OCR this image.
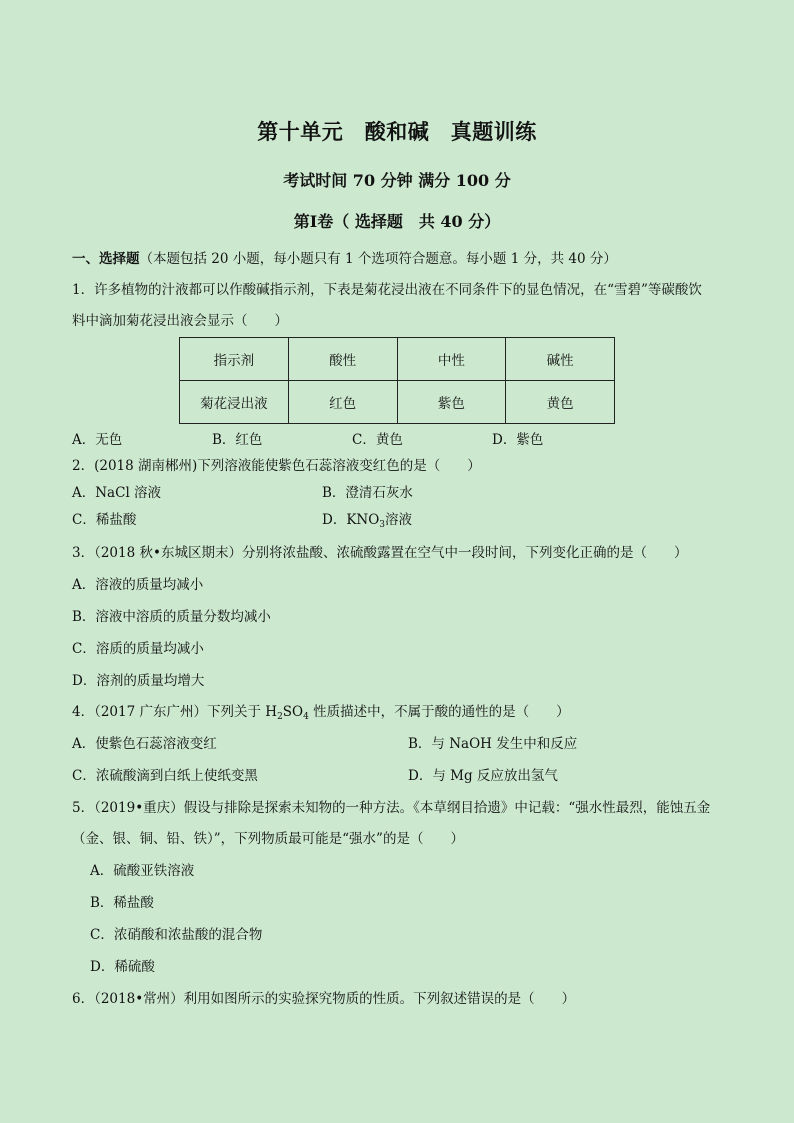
第十单元　酸和碱　真题训练
考试时间 70 分钟 满分 100 分
第Ⅰ卷（ 选择题　共 40 分）
一、选择题（本题包括 20 小题，每小题只有 1 个选项符合题意。每小题 1 分，共 40 分）
1．许多植物的汁液都可以作酸碱指示剂，下表是菊花浸出液在不同条件下的显色情况，在“雪碧”等碳酸饮
料中滴加菊花浸出液会显示（　　）
指示剂	酸性	中性	碱性
菊花浸出液	红色	紫色	黄色
A．无色	B．红色	C．黄色	D．紫色
2．(2018 湖南郴州)下列溶液能使紫色石蕊溶液变红色的是（　　）
A．NaCl 溶液	B．澄清石灰水
C．稀盐酸	D．$KNO_3$溶液
3．（2018 秋•东城区期末）分别将浓盐酸、浓硫酸露置在空气中一段时间，下列变化正确的是（　　）
A．溶液的质量均减小
B．溶液中溶质的质量分数均减小
C．溶质的质量均减小
D．溶剂的质量均增大
4．（2017 广东广州）下列关于 $H_2SO_4$ 性质描述中，不属于酸的通性的是（　　）
A．使紫色石蕊溶液变红	B．与 NaOH 发生中和反应
C．浓硫酸滴到白纸上使纸变黑	D．与 Mg 反应放出氢气
5．（2019•重庆）假设与排除是探索未知物的一种方法。《本草纲目拾遗》中记载：“强水性最烈，能蚀五金
（金、银、铜、铅、铁）”，下列物质最可能是“强水”的是（　　）
A．硫酸亚铁溶液
B．稀盐酸
C．浓硝酸和浓盐酸的混合物
D．稀硫酸
6．（2018•常州）利用如图所示的实验探究物质的性质。下列叙述错误的是（　　）
